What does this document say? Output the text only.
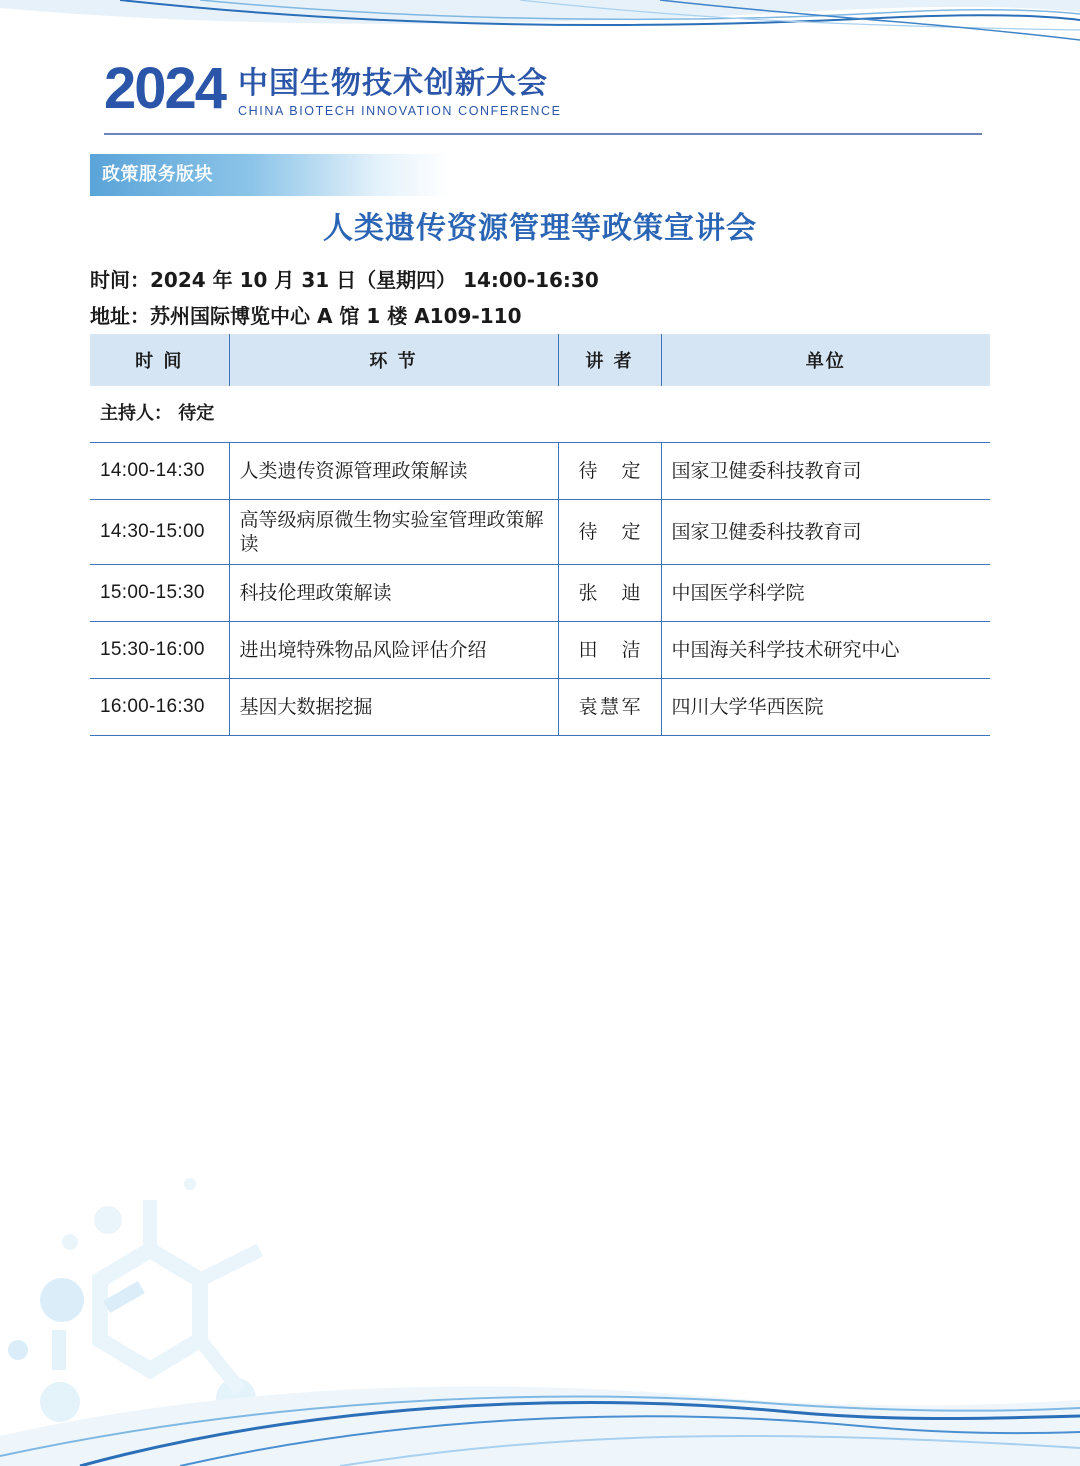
2024 中国生物技术创新大会
CHINA BIOTECH INNOVATION CONFERENCE
政策服务版块
人类遗传资源管理等政策宣讲会
时间：2024 年 10 月 31 日（星期四） 14:00-16:30
地址：苏州国际博览中心 A 馆 1 楼 A109-110
时 间	环 节	讲 者	单位
主持人： 待定			
14:00-14:30	人类遗传资源管理政策解读	待定	国家卫健委科技教育司
14:30-15:00	高等级病原微生物实验室管理政策解读	待定	国家卫健委科技教育司
15:00-15:30	科技伦理政策解读	张迪	中国医学科学院
15:30-16:00	进出境特殊物品风险评估介绍	田洁	中国海关科学技术研究中心
16:00-16:30	基因大数据挖掘	袁慧军	四川大学华西医院
